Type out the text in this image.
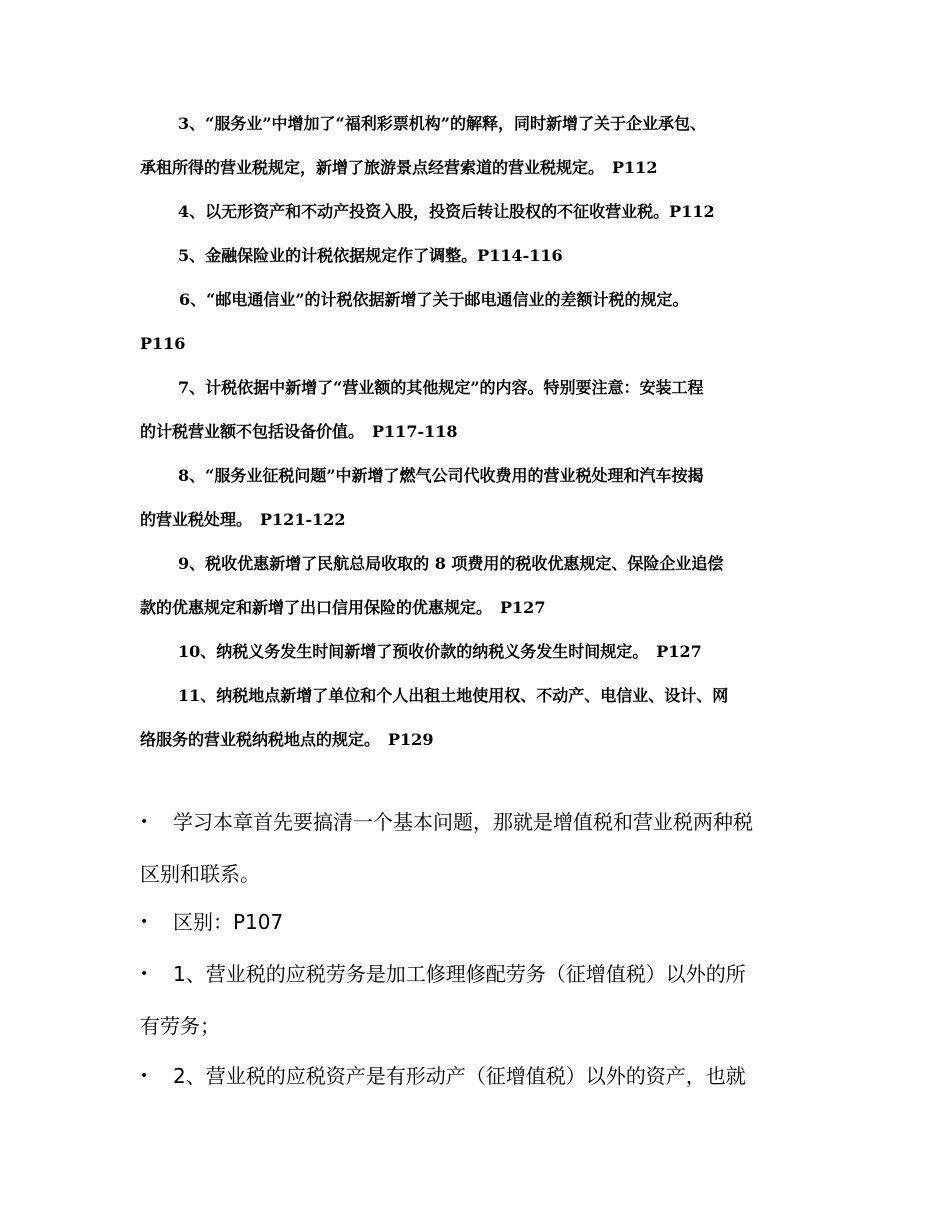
3、“服务业”中增加了“福利彩票机构”的解释，同时新增了关于企业承包、
承租所得的营业税规定，新增了旅游景点经营索道的营业税规定。 P112
4、以无形资产和不动产投资入股，投资后转让股权的不征收营业税。P112
5、金融保险业的计税依据规定作了调整。P114-116
6、“邮电通信业”的计税依据新增了关于邮电通信业的差额计税的规定。
P116
7、计税依据中新增了“营业额的其他规定”的内容。特别要注意：安装工程
的计税营业额不包括设备价值。 P117-118
8、“服务业征税问题”中新增了燃气公司代收费用的营业税处理和汽车按揭
的营业税处理。 P121-122
9、税收优惠新增了民航总局收取的 8 项费用的税收优惠规定、保险企业追偿
款的优惠规定和新增了出口信用保险的优惠规定。 P127
10、纳税义务发生时间新增了预收价款的纳税义务发生时间规定。 P127
11、纳税地点新增了单位和个人出租土地使用权、不动产、电信业、设计、网
络服务的营业税纳税地点的规定。 P129
• 学习本章首先要搞清一个基本问题，那就是增值税和营业税两种税
区别和联系。
• 区别：P107
• 1、营业税的应税劳务是加工修理修配劳务（征增值税）以外的所
有劳务；
• 2、营业税的应税资产是有形动产（征增值税）以外的资产，也就
